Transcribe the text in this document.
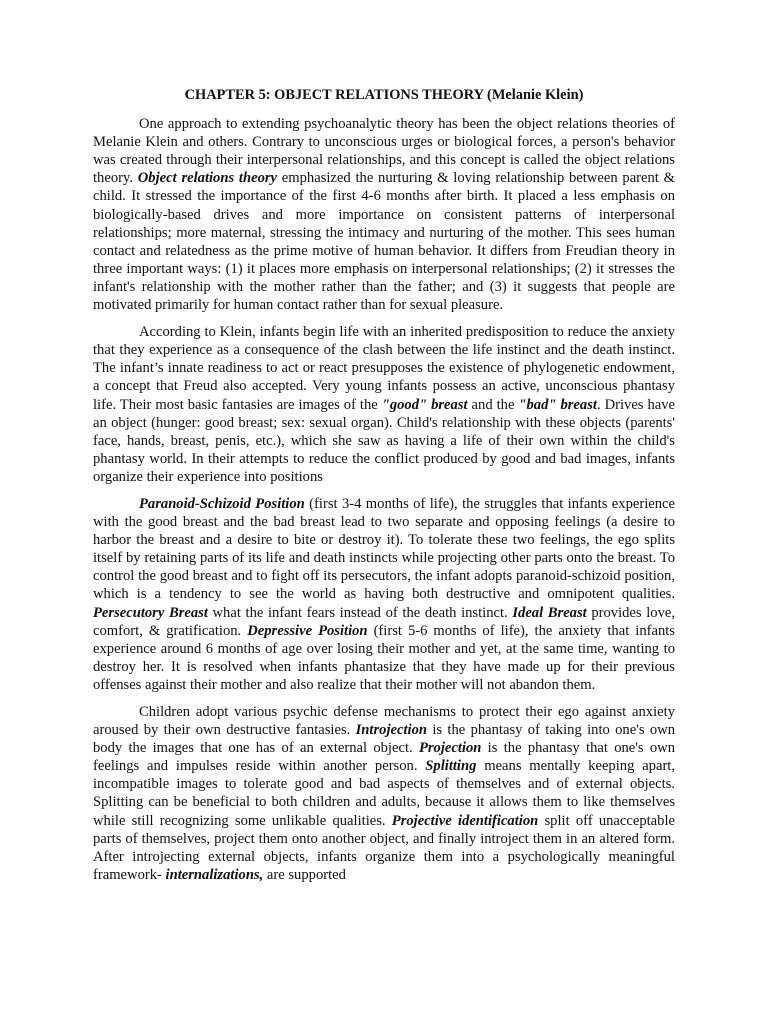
CHAPTER 5: OBJECT RELATIONS THEORY (Melanie Klein)

One approach to extending psychoanalytic theory has been the object relations theories of Melanie Klein and others. Contrary to unconscious urges or biological forces, a person's behavior was created through their interpersonal relationships, and this concept is called the object relations theory. Object relations theory emphasized the nurturing & loving relationship between parent & child. It stressed the importance of the first 4-6 months after birth. It placed a less emphasis on biologically-based drives and more importance on consistent patterns of interpersonal relationships; more maternal, stressing the intimacy and nurturing of the mother. This sees human contact and relatedness as the prime motive of human behavior. It differs from Freudian theory in three important ways: (1) it places more emphasis on interpersonal relationships; (2) it stresses the infant's relationship with the mother rather than the father; and (3) it suggests that people are motivated primarily for human contact rather than for sexual pleasure.

According to Klein, infants begin life with an inherited predisposition to reduce the anxiety that they experience as a consequence of the clash between the life instinct and the death instinct. The infant’s innate readiness to act or react presupposes the existence of phylogenetic endowment, a concept that Freud also accepted. Very young infants possess an active, unconscious phantasy life. Their most basic fantasies are images of the "good" breast and the "bad" breast. Drives have an object (hunger: good breast; sex: sexual organ). Child's relationship with these objects (parents' face, hands, breast, penis, etc.), which she saw as having a life of their own within the child's phantasy world. In their attempts to reduce the conflict produced by good and bad images, infants organize their experience into positions

Paranoid-Schizoid Position (first 3-4 months of life), the struggles that infants experience with the good breast and the bad breast lead to two separate and opposing feelings (a desire to harbor the breast and a desire to bite or destroy it). To tolerate these two feelings, the ego splits itself by retaining parts of its life and death instincts while projecting other parts onto the breast. To control the good breast and to fight off its persecutors, the infant adopts paranoid-schizoid position, which is a tendency to see the world as having both destructive and omnipotent qualities. Persecutory Breast what the infant fears instead of the death instinct. Ideal Breast provides love, comfort, & gratification. Depressive Position (first 5-6 months of life), the anxiety that infants experience around 6 months of age over losing their mother and yet, at the same time, wanting to destroy her. It is resolved when infants phantasize that they have made up for their previous offenses against their mother and also realize that their mother will not abandon them.

Children adopt various psychic defense mechanisms to protect their ego against anxiety aroused by their own destructive fantasies. Introjection is the phantasy of taking into one's own body the images that one has of an external object. Projection is the phantasy that one's own feelings and impulses reside within another person. Splitting means mentally keeping apart, incompatible images to tolerate good and bad aspects of themselves and of external objects. Splitting can be beneficial to both children and adults, because it allows them to like themselves while still recognizing some unlikable qualities. Projective identification split off unacceptable parts of themselves, project them onto another object, and finally introject them in an altered form. After introjecting external objects, infants organize them into a psychologically meaningful framework- internalizations, are supported
